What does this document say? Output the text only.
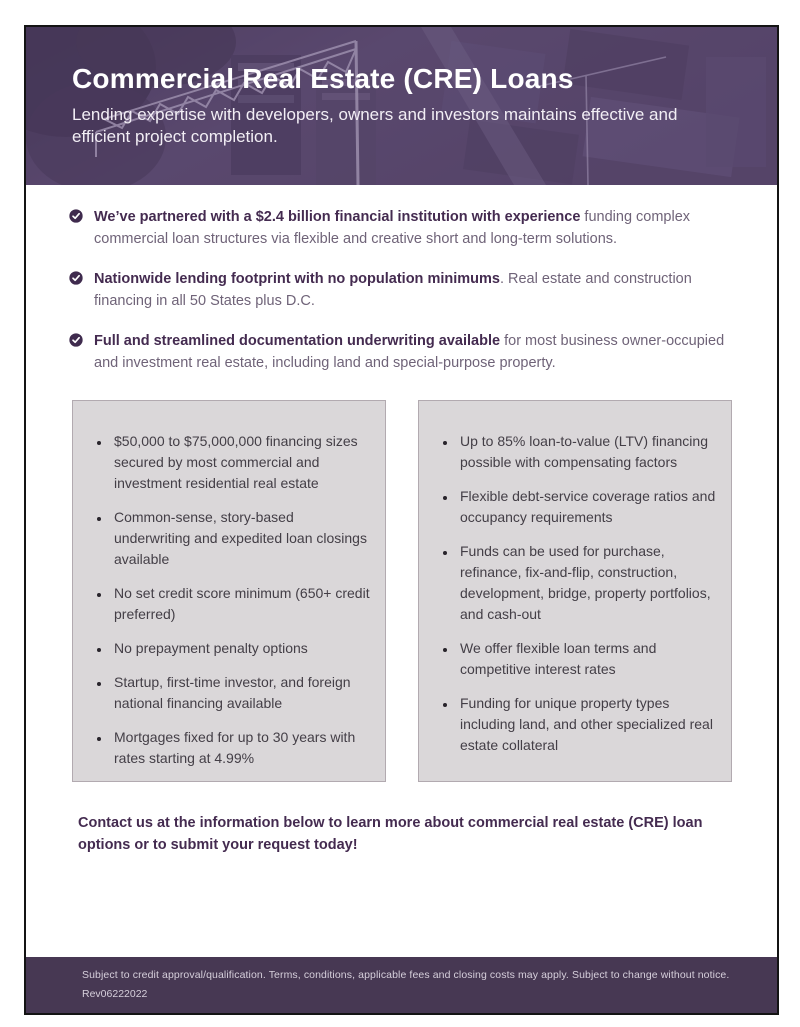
Commercial Real Estate (CRE) Loans

Lending expertise with developers, owners and investors maintains effective and efficient project completion.

We’ve partnered with a $2.4 billion financial institution with experience funding complex commercial loan structures via flexible and creative short and long-term solutions.

Nationwide lending footprint with no population minimums. Real estate and construction financing in all 50 States plus D.C.

Full and streamlined documentation underwriting available for most business owner-occupied and investment real estate, including land and special-purpose property.

• $50,000 to $75,000,000 financing sizes secured by most commercial and investment residential real estate
• Common-sense, story-based underwriting and expedited loan closings available
• No set credit score minimum (650+ credit preferred)
• No prepayment penalty options
• Startup, first-time investor, and foreign national financing available
• Mortgages fixed for up to 30 years with rates starting at 4.99%
• Up to 85% loan-to-value (LTV) financing possible with compensating factors
• Flexible debt-service coverage ratios and occupancy requirements
• Funds can be used for purchase, refinance, fix-and-flip, construction, development, bridge, property portfolios, and cash-out
• We offer flexible loan terms and competitive interest rates
• Funding for unique property types including land, and other specialized real estate collateral

Contact us at the information below to learn more about commercial real estate (CRE) loan options or to submit your request today!

Subject to credit approval/qualification. Terms, conditions, applicable fees and closing costs may apply. Subject to change without notice.
Rev06222022
